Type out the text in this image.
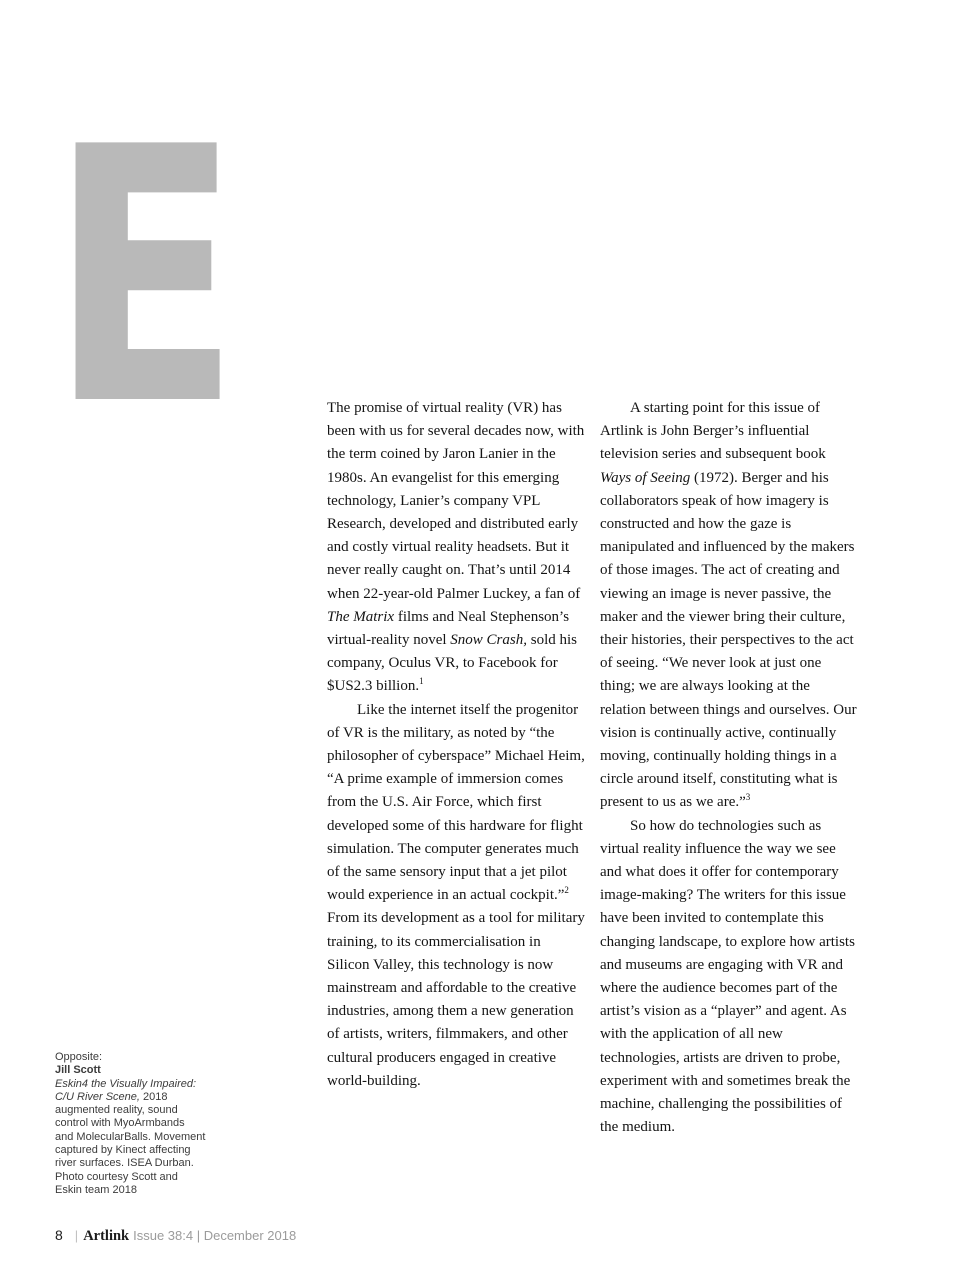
E	The promise of virtual reality (VR) has been with us for several decades now, with the term coined by Jaron Lanier in the 1980s. An evangelist for this emerging technology, Lanier’s company VPL Research, developed and distributed early and costly virtual reality headsets. But it never really caught on. That’s until 2014 when 22-year-old Palmer Luckey, a fan of The Matrix films and Neal Stephenson’s virtual-reality novel Snow Crash, sold his company, Oculus VR, to Facebook for $US2.3 billion.$^1$

Like the internet itself the progenitor of VR is the military, as noted by “the philosopher of cyberspace” Michael Heim, “A prime example of immersion comes from the U.S. Air Force, which first developed some of this hardware for flight simulation. The computer generates much of the same sensory input that a jet pilot would experience in an actual cockpit.”$^2$ From its development as a tool for military training, to its commercialisation in Silicon Valley, this technology is now mainstream and affordable to the creative industries, among them a new generation of artists, writers, filmmakers, and other cultural producers engaged in creative world-building.

A starting point for this issue of Artlink is John Berger’s influential television series and subsequent book Ways of Seeing (1972). Berger and his collaborators speak of how imagery is constructed and how the gaze is manipulated and influenced by the makers of those images. The act of creating and viewing an image is never passive, the maker and the viewer bring their culture, their histories, their perspectives to the act of seeing. “We never look at just one thing; we are always looking at the relation between things and ourselves. Our vision is continually active, continually moving, continually holding things in a circle around itself, constituting what is present to us as we are.”$^3$

So how do technologies such as virtual reality influence the way we see and what does it offer for contemporary image-making? The writers for this issue have been invited to contemplate this changing landscape, to explore how artists and museums are engaging with VR and where the audience becomes part of the artist’s vision as a “player” and agent. As with the application of all new technologies, artists are driven to probe, experiment with and sometimes break the machine, challenging the possibilities of the medium.

Opposite:
Jill Scott
Eskin4 the Visually Impaired:
C/U River Scene, 2018
augmented reality, sound
control with MyoArmbands
and MolecularBalls. Movement
captured by Kinect affecting
river surfaces. ISEA Durban.
Photo courtesy Scott and
Eskin team 2018
8 | Artlink Issue 38:4 | December 2018
